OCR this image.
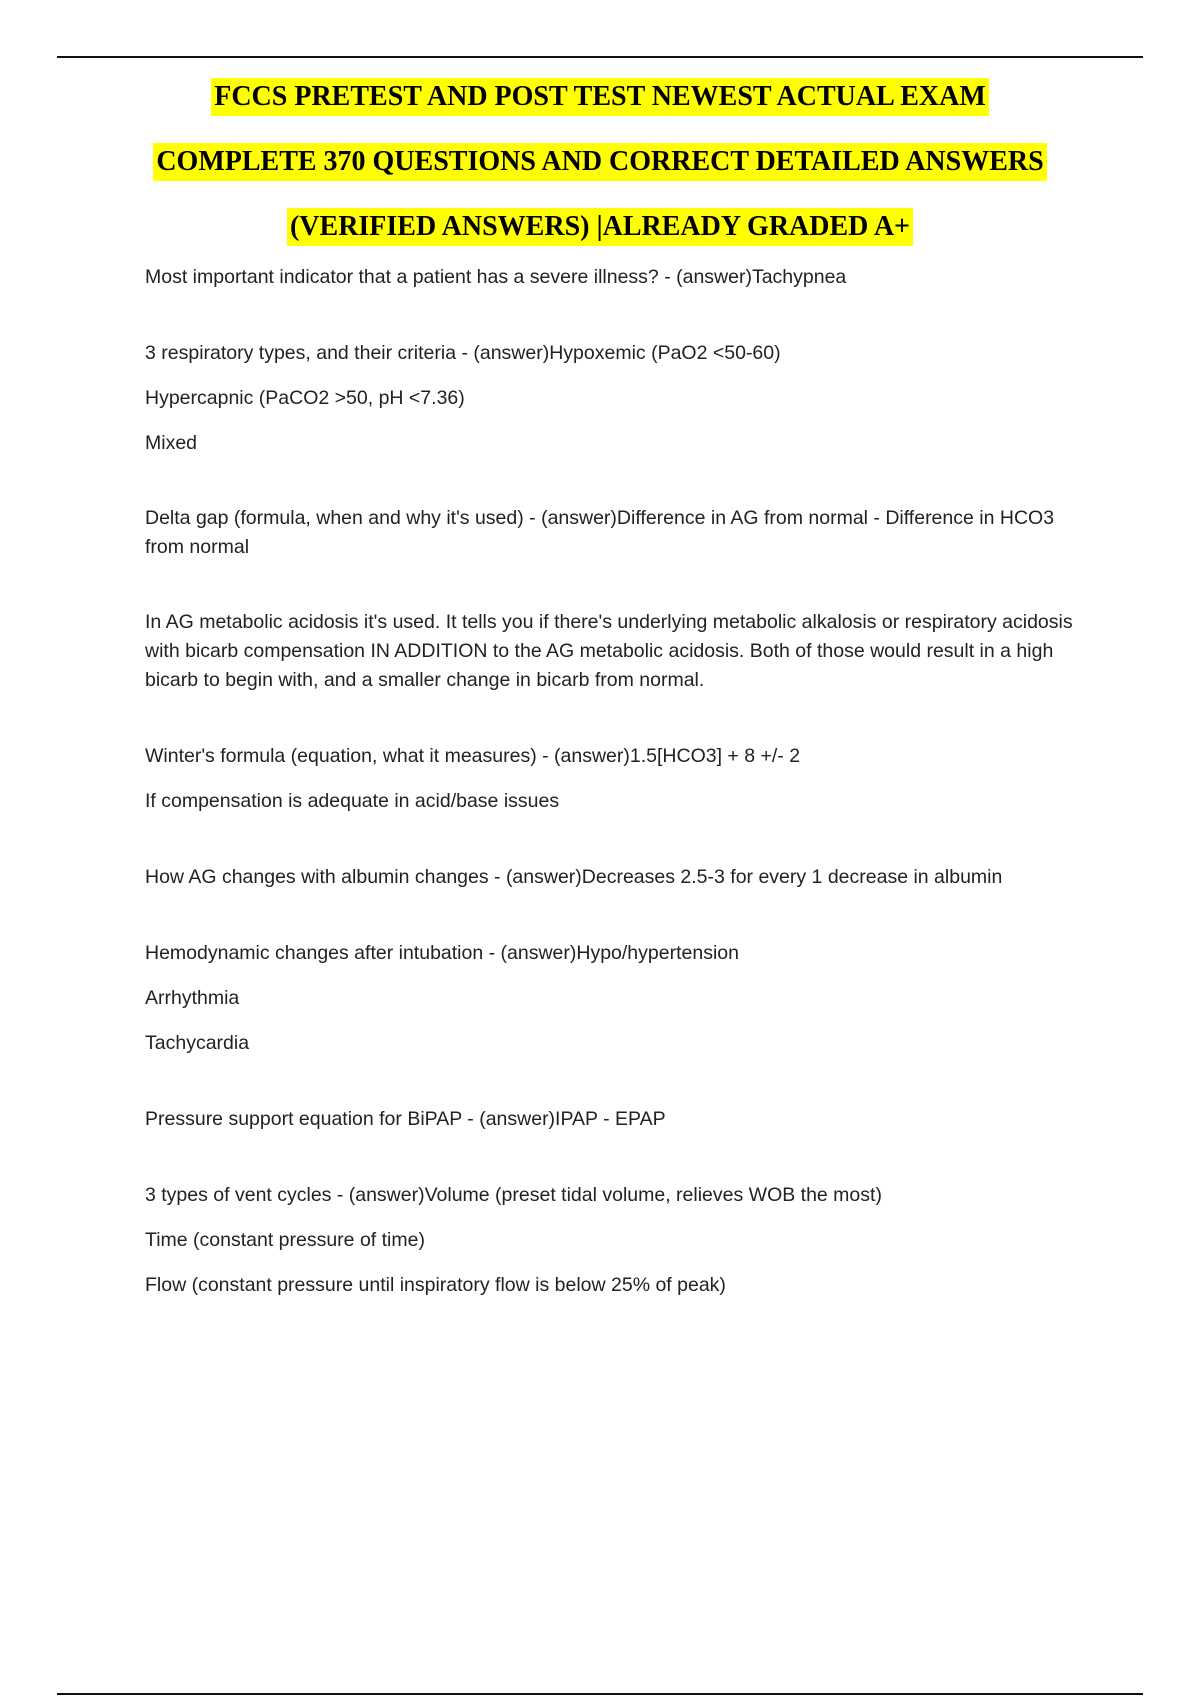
FCCS PRETEST AND POST TEST NEWEST ACTUAL EXAM
COMPLETE 370 QUESTIONS AND CORRECT DETAILED ANSWERS
(VERIFIED ANSWERS) |ALREADY GRADED A+

Most important indicator that a patient has a severe illness? - (answer)Tachypnea

3 respiratory types, and their criteria - (answer)Hypoxemic (PaO2 <50-60)

Hypercapnic (PaCO2 >50, pH <7.36)

Mixed

Delta gap (formula, when and why it's used) - (answer)Difference in AG from normal - Difference in HCO3 from normal

In AG metabolic acidosis it's used. It tells you if there's underlying metabolic alkalosis or respiratory acidosis with bicarb compensation IN ADDITION to the AG metabolic acidosis. Both of those would result in a high bicarb to begin with, and a smaller change in bicarb from normal.

Winter's formula (equation, what it measures) - (answer)1.5[HCO3] + 8 +/- 2

If compensation is adequate in acid/base issues

How AG changes with albumin changes - (answer)Decreases 2.5-3 for every 1 decrease in albumin

Hemodynamic changes after intubation - (answer)Hypo/hypertension

Arrhythmia

Tachycardia

Pressure support equation for BiPAP - (answer)IPAP - EPAP

3 types of vent cycles - (answer)Volume (preset tidal volume, relieves WOB the most)

Time (constant pressure of time)

Flow (constant pressure until inspiratory flow is below 25% of peak)
